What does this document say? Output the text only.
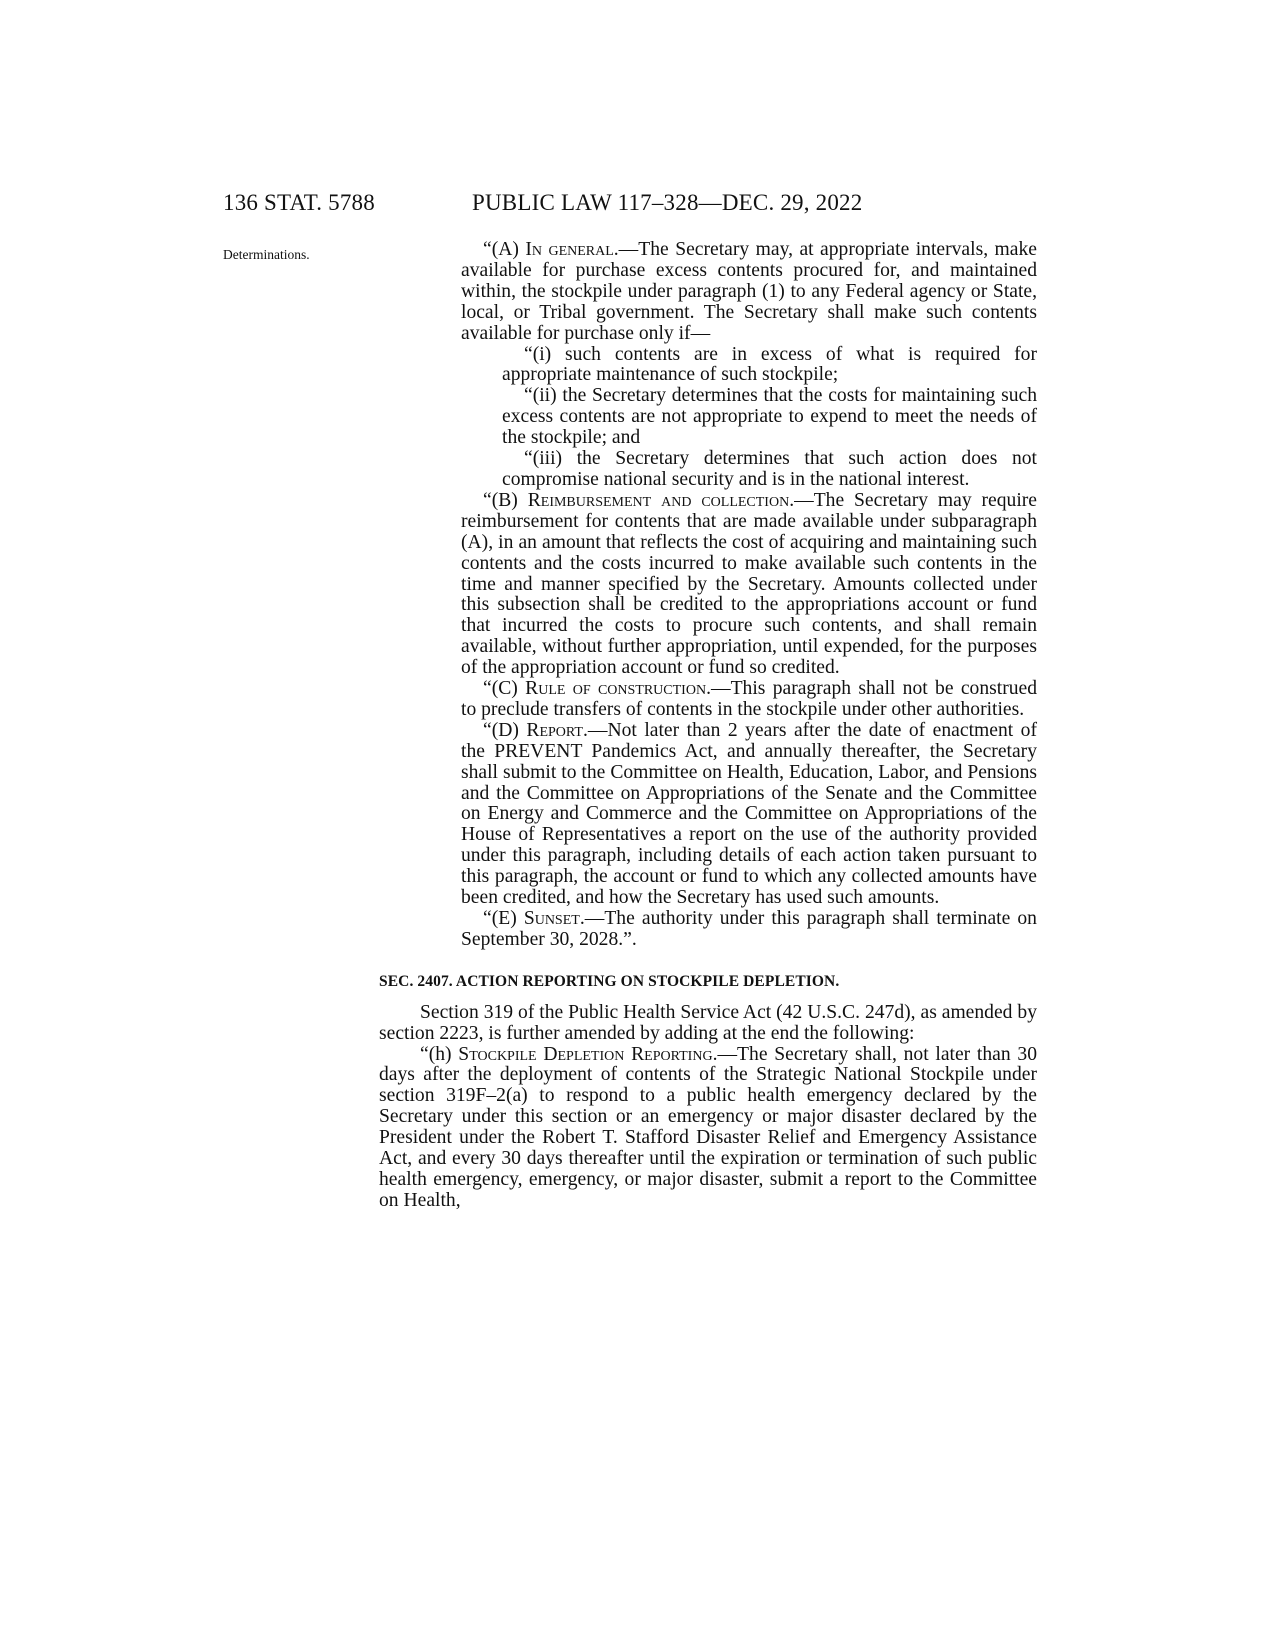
136 STAT. 5788	PUBLIC LAW 117–328—DEC. 29, 2022
Determinations.	“(A) In general.—The Secretary may, at appropriate intervals, make available for purchase excess contents procured for, and maintained within, the stockpile under paragraph (1) to any Federal agency or State, local, or Tribal government. The Secretary shall make such contents available for purchase only if—

“(i) such contents are in excess of what is required for appropriate maintenance of such stockpile;

“(ii) the Secretary determines that the costs for maintaining such excess contents are not appropriate to expend to meet the needs of the stockpile; and

“(iii) the Secretary determines that such action does not compromise national security and is in the national interest.

“(B) Reimbursement and collection.—The Secretary may require reimbursement for contents that are made available under subparagraph (A), in an amount that reflects the cost of acquiring and maintaining such contents and the costs incurred to make available such contents in the time and manner specified by the Secretary. Amounts collected under this subsection shall be credited to the appropriations account or fund that incurred the costs to procure such contents, and shall remain available, without further appropriation, until expended, for the purposes of the appropriation account or fund so credited.

“(C) Rule of construction.—This paragraph shall not be construed to preclude transfers of contents in the stockpile under other authorities.

“(D) Report.—Not later than 2 years after the date of enactment of the PREVENT Pandemics Act, and annually thereafter, the Secretary shall submit to the Committee on Health, Education, Labor, and Pensions and the Committee on Appropriations of the Senate and the Committee on Energy and Commerce and the Committee on Appropriations of the House of Representatives a report on the use of the authority provided under this paragraph, including details of each action taken pursuant to this paragraph, the account or fund to which any collected amounts have been credited, and how the Secretary has used such amounts.

“(E) Sunset.—The authority under this paragraph shall terminate on September 30, 2028.”.

SEC. 2407. ACTION REPORTING ON STOCKPILE DEPLETION.

Section 319 of the Public Health Service Act (42 U.S.C. 247d), as amended by section 2223, is further amended by adding at the end the following:

“(h) Stockpile Depletion Reporting.—The Secretary shall, not later than 30 days after the deployment of contents of the Strategic National Stockpile under section 319F–2(a) to respond to a public health emergency declared by the Secretary under this section or an emergency or major disaster declared by the President under the Robert T. Stafford Disaster Relief and Emergency Assistance Act, and every 30 days thereafter until the expiration or termination of such public health emergency, emergency, or major disaster, submit a report to the Committee on Health,
